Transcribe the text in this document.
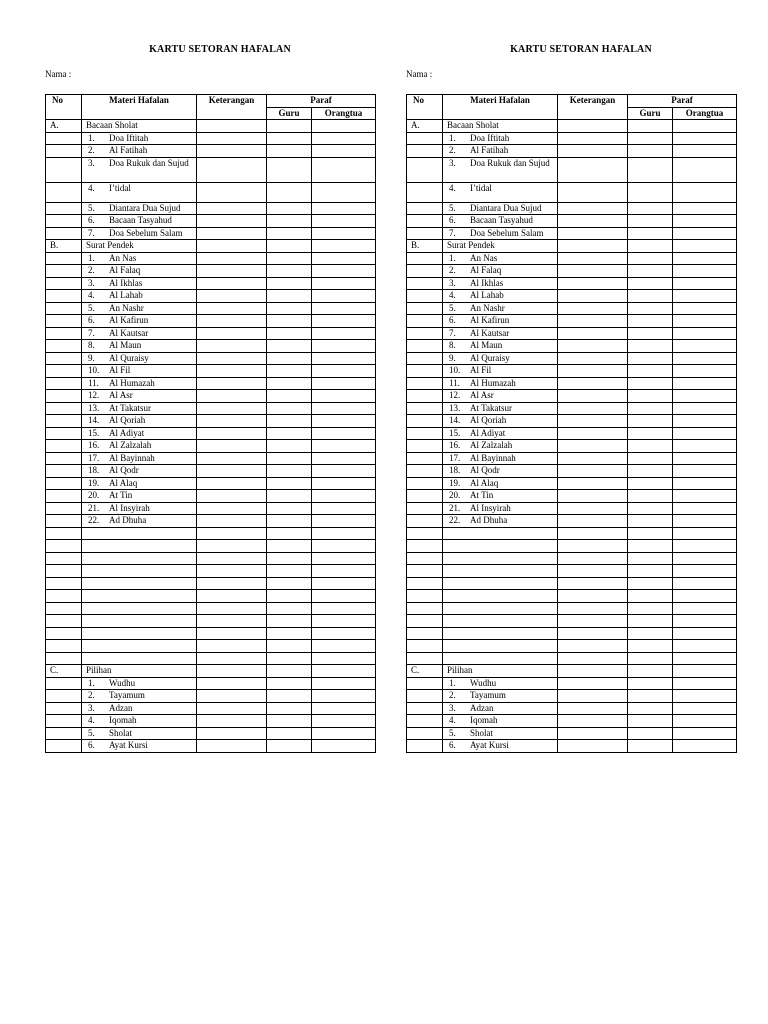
KARTU SETORAN HAFALAN
Nama :
No	Materi Hafalan	Keterangan	Paraf	
			Guru	Orangtua
A.	Bacaan Sholat			
	1. Doa Iftitah			
	2. Al Fatihah			
	3. Doa Rukuk dan Sujud			
	4. I’tidal			
	5. Diantara Dua Sujud			
	6. Bacaan Tasyahud			
	7. Doa Sebelum Salam			
B.	Surat Pendek			
	1. An Nas			
	2. Al Falaq			
	3. Al Ikhlas			
	4. Al Lahab			
	5. An Nashr			
	6. Al Kafirun			
	7. Al Kautsar			
	8. Al Maun			
	9. Al Quraisy			
	10. Al Fil			
	11. Al Humazah			
	12. Al Asr			
	13. At Takatsur			
	14. Al Qoriah			
	15. Al Adiyat			
	16. Al Zalzalah			
	17. Al Bayinnah			
	18. Al Qodr			
	19. Al Alaq			
	20. At Tin			
	21. Al Insyirah			
	22. Ad Dhuha			

C.	Pilihan			
	1. Wudhu			
	2. Tayamum			
	3. Adzan			
	4. Iqomah			
	5. Sholat			
	6. Ayat Kursi			
KARTU SETORAN HAFALAN
Nama :
No	Materi Hafalan	Keterangan	Paraf	
			Guru	Orangtua
A.	Bacaan Sholat			
	1. Doa Iftitah			
	2. Al Fatihah			
	3. Doa Rukuk dan Sujud			
	4. I’tidal			
	5. Diantara Dua Sujud			
	6. Bacaan Tasyahud			
	7. Doa Sebelum Salam			
B.	Surat Pendek			
	1. An Nas			
	2. Al Falaq			
	3. Al Ikhlas			
	4. Al Lahab			
	5. An Nashr			
	6. Al Kafirun			
	7. Al Kautsar			
	8. Al Maun			
	9. Al Quraisy			
	10. Al Fil			
	11. Al Humazah			
	12. Al Asr			
	13. At Takatsur			
	14. Al Qoriah			
	15. Al Adiyat			
	16. Al Zalzalah			
	17. Al Bayinnah			
	18. Al Qodr			
	19. Al Alaq			
	20. At Tin			
	21. Al Insyirah			
	22. Ad Dhuha			

C.	Pilihan			
	1. Wudhu			
	2. Tayamum			
	3. Adzan			
	4. Iqomah			
	5. Sholat			
	6. Ayat Kursi			
